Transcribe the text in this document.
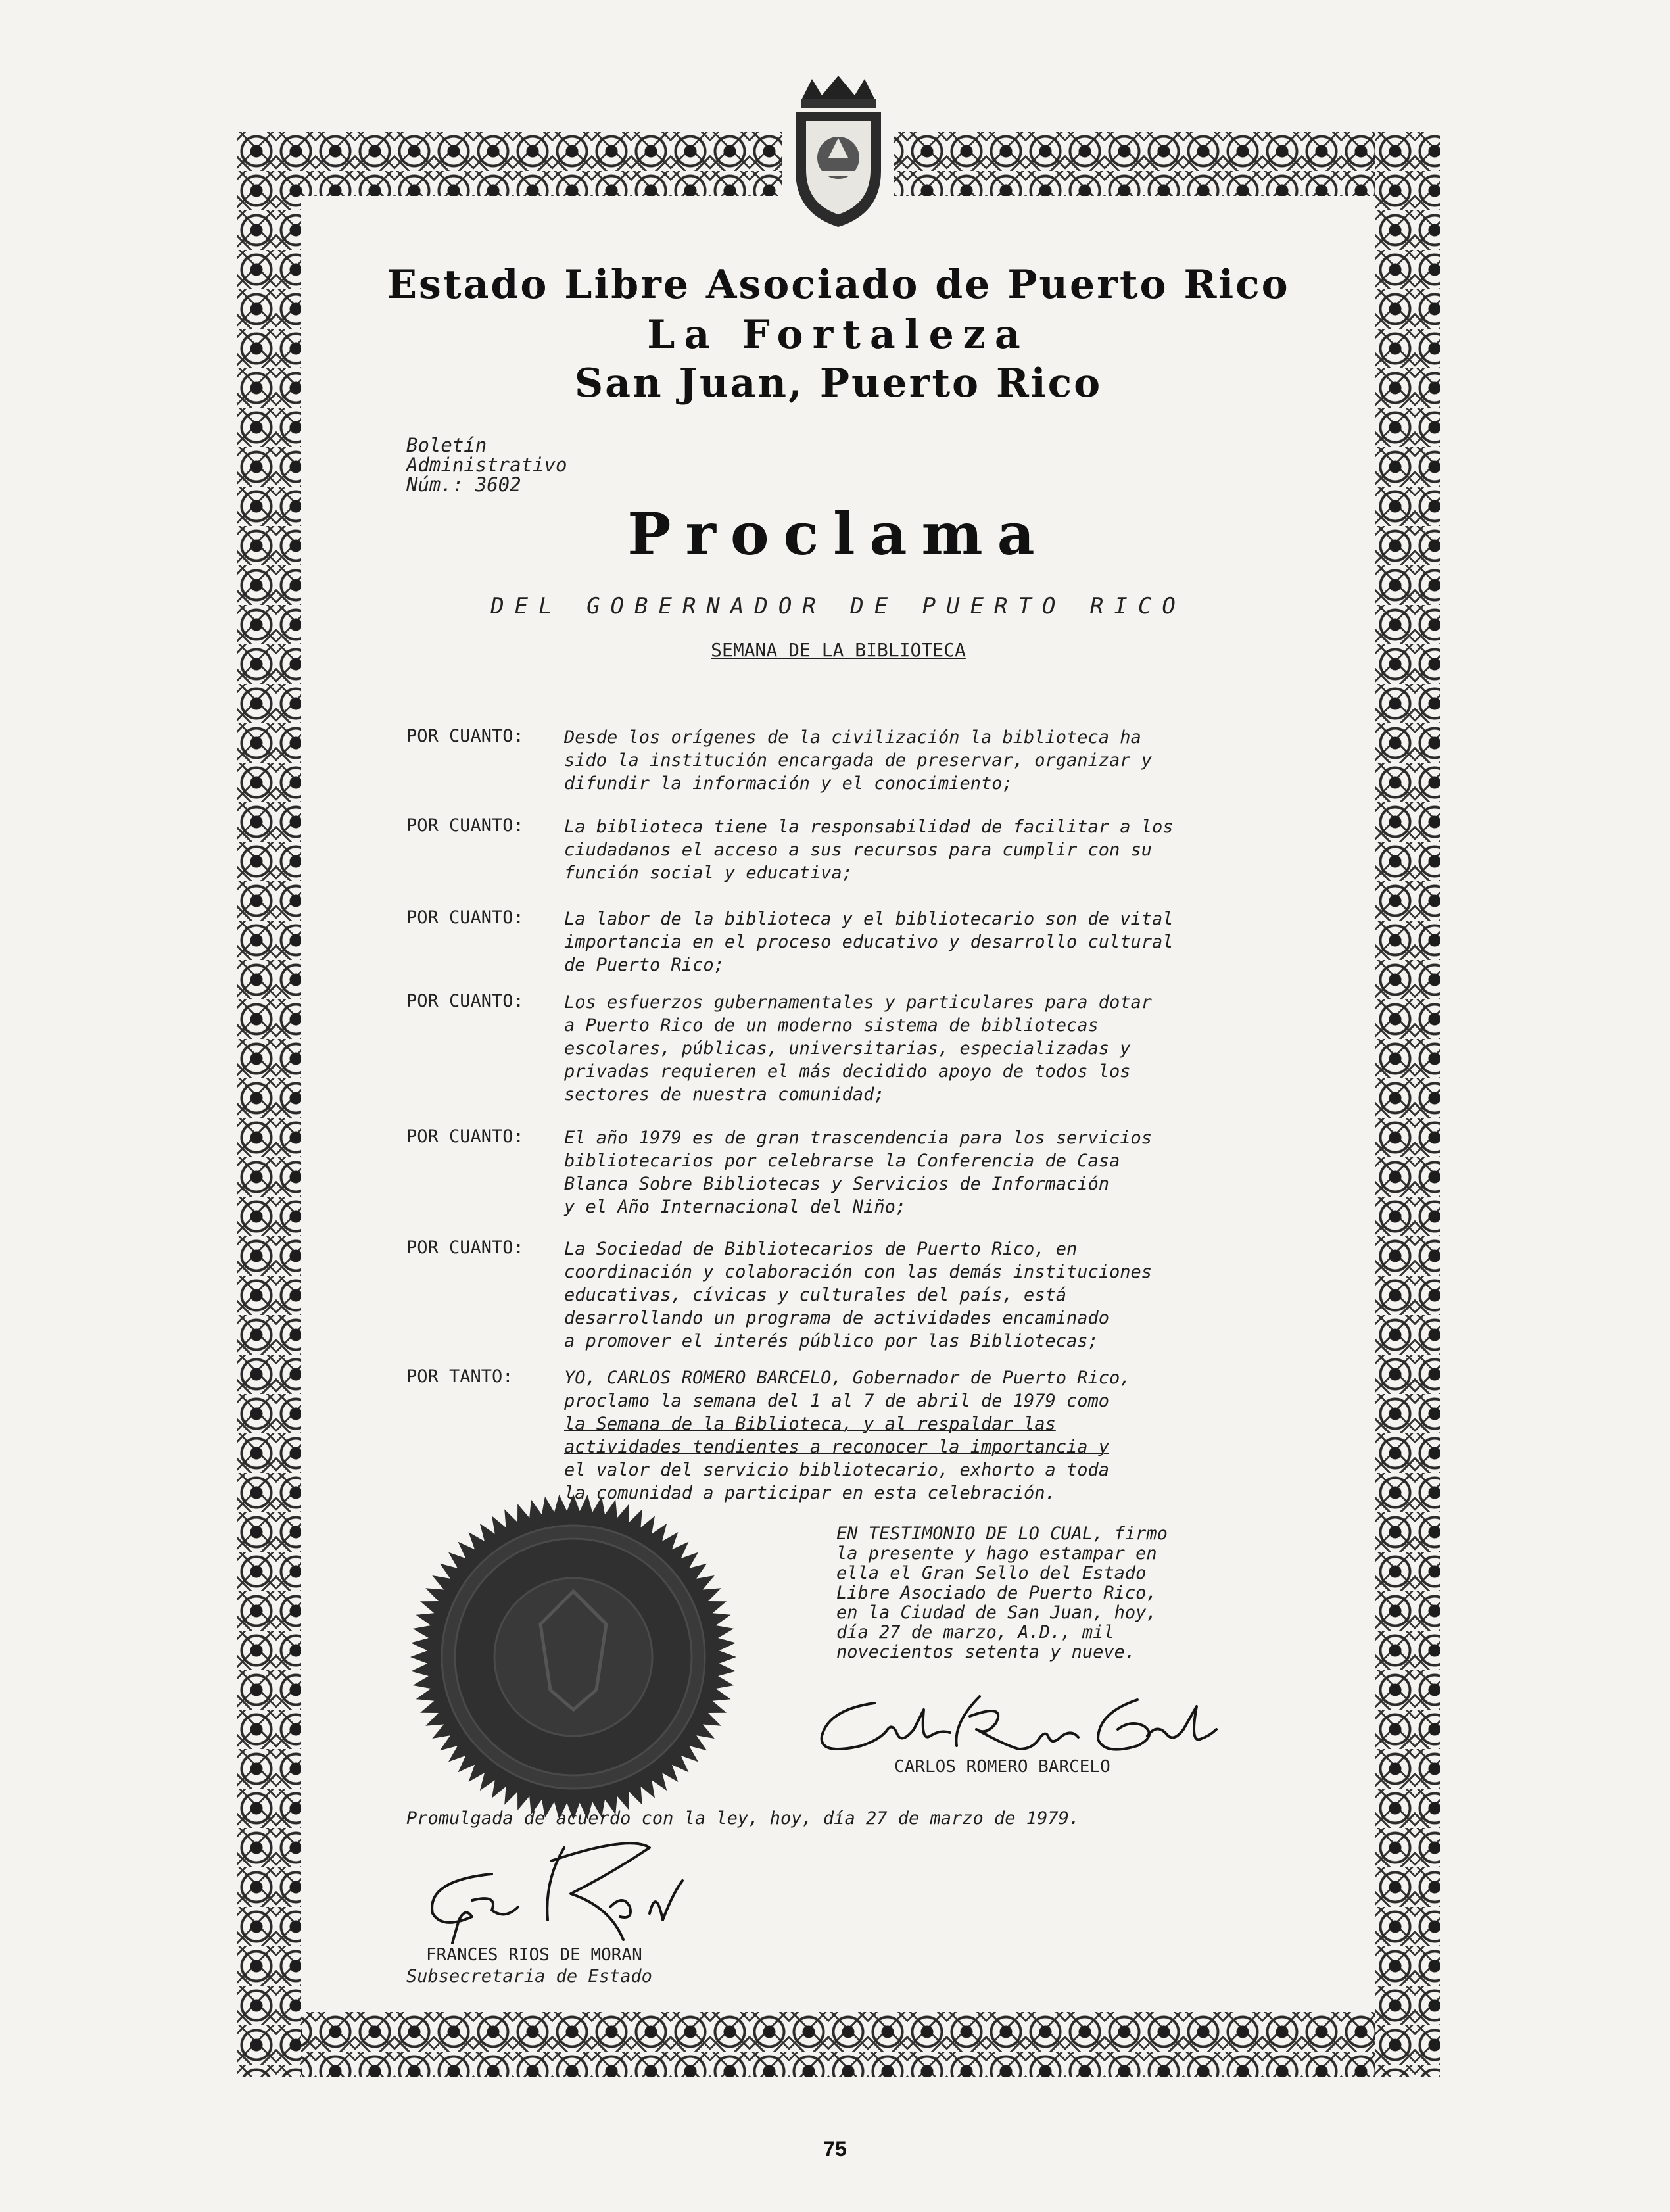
Estado Libre Asociado de Puerto Rico
La Fortaleza
San Juan, Puerto Rico
Boletín
Administrativo
Núm.: 3602
Proclama
DEL GOBERNADOR DE PUERTO RICO
SEMANA DE LA BIBLIOTECA
POR CUANTO: Desde los orígenes de la civilización la biblioteca ha
sido la institución encargada de preservar, organizar y
difundir la información y el conocimiento;
POR CUANTO: La biblioteca tiene la responsabilidad de facilitar a los
ciudadanos el acceso a sus recursos para cumplir con su
función social y educativa;
POR CUANTO: La labor de la biblioteca y el bibliotecario son de vital
importancia en el proceso educativo y desarrollo cultural
de Puerto Rico;
POR CUANTO: Los esfuerzos gubernamentales y particulares para dotar
a Puerto Rico de un moderno sistema de bibliotecas
escolares, públicas, universitarias, especializadas y
privadas requieren el más decidido apoyo de todos los
sectores de nuestra comunidad;
POR CUANTO: El año 1979 es de gran trascendencia para los servicios
bibliotecarios por celebrarse la Conferencia de Casa
Blanca Sobre Bibliotecas y Servicios de Información
y el Año Internacional del Niño;
POR CUANTO: La Sociedad de Bibliotecarios de Puerto Rico, en
coordinación y colaboración con las demás instituciones
educativas, cívicas y culturales del país, está
desarrollando un programa de actividades encaminado
a promover el interés público por las Bibliotecas;
POR TANTO:	YO, CARLOS ROMERO BARCELO, Gobernador de Puerto Rico,
proclamo la semana del 1 al 7 de abril de 1979 como
la Semana de la Biblioteca, y al respaldar las
actividades tendientes a reconocer la importancia y
el valor del servicio bibliotecario, exhorto a toda
la comunidad a participar en esta celebración.
EN TESTIMONIO DE LO CUAL, firmo
la presente y hago estampar en
ella el Gran Sello del Estado
Libre Asociado de Puerto Rico,
en la Ciudad de San Juan, hoy,
día 27 de marzo, A.D., mil
novecientos setenta y nueve.
CARLOS ROMERO BARCELO
Promulgada de acuerdo con la ley, hoy, día 27 de marzo de 1979.
FRANCES RIOS DE MORAN
Subsecretaria de Estado
75
